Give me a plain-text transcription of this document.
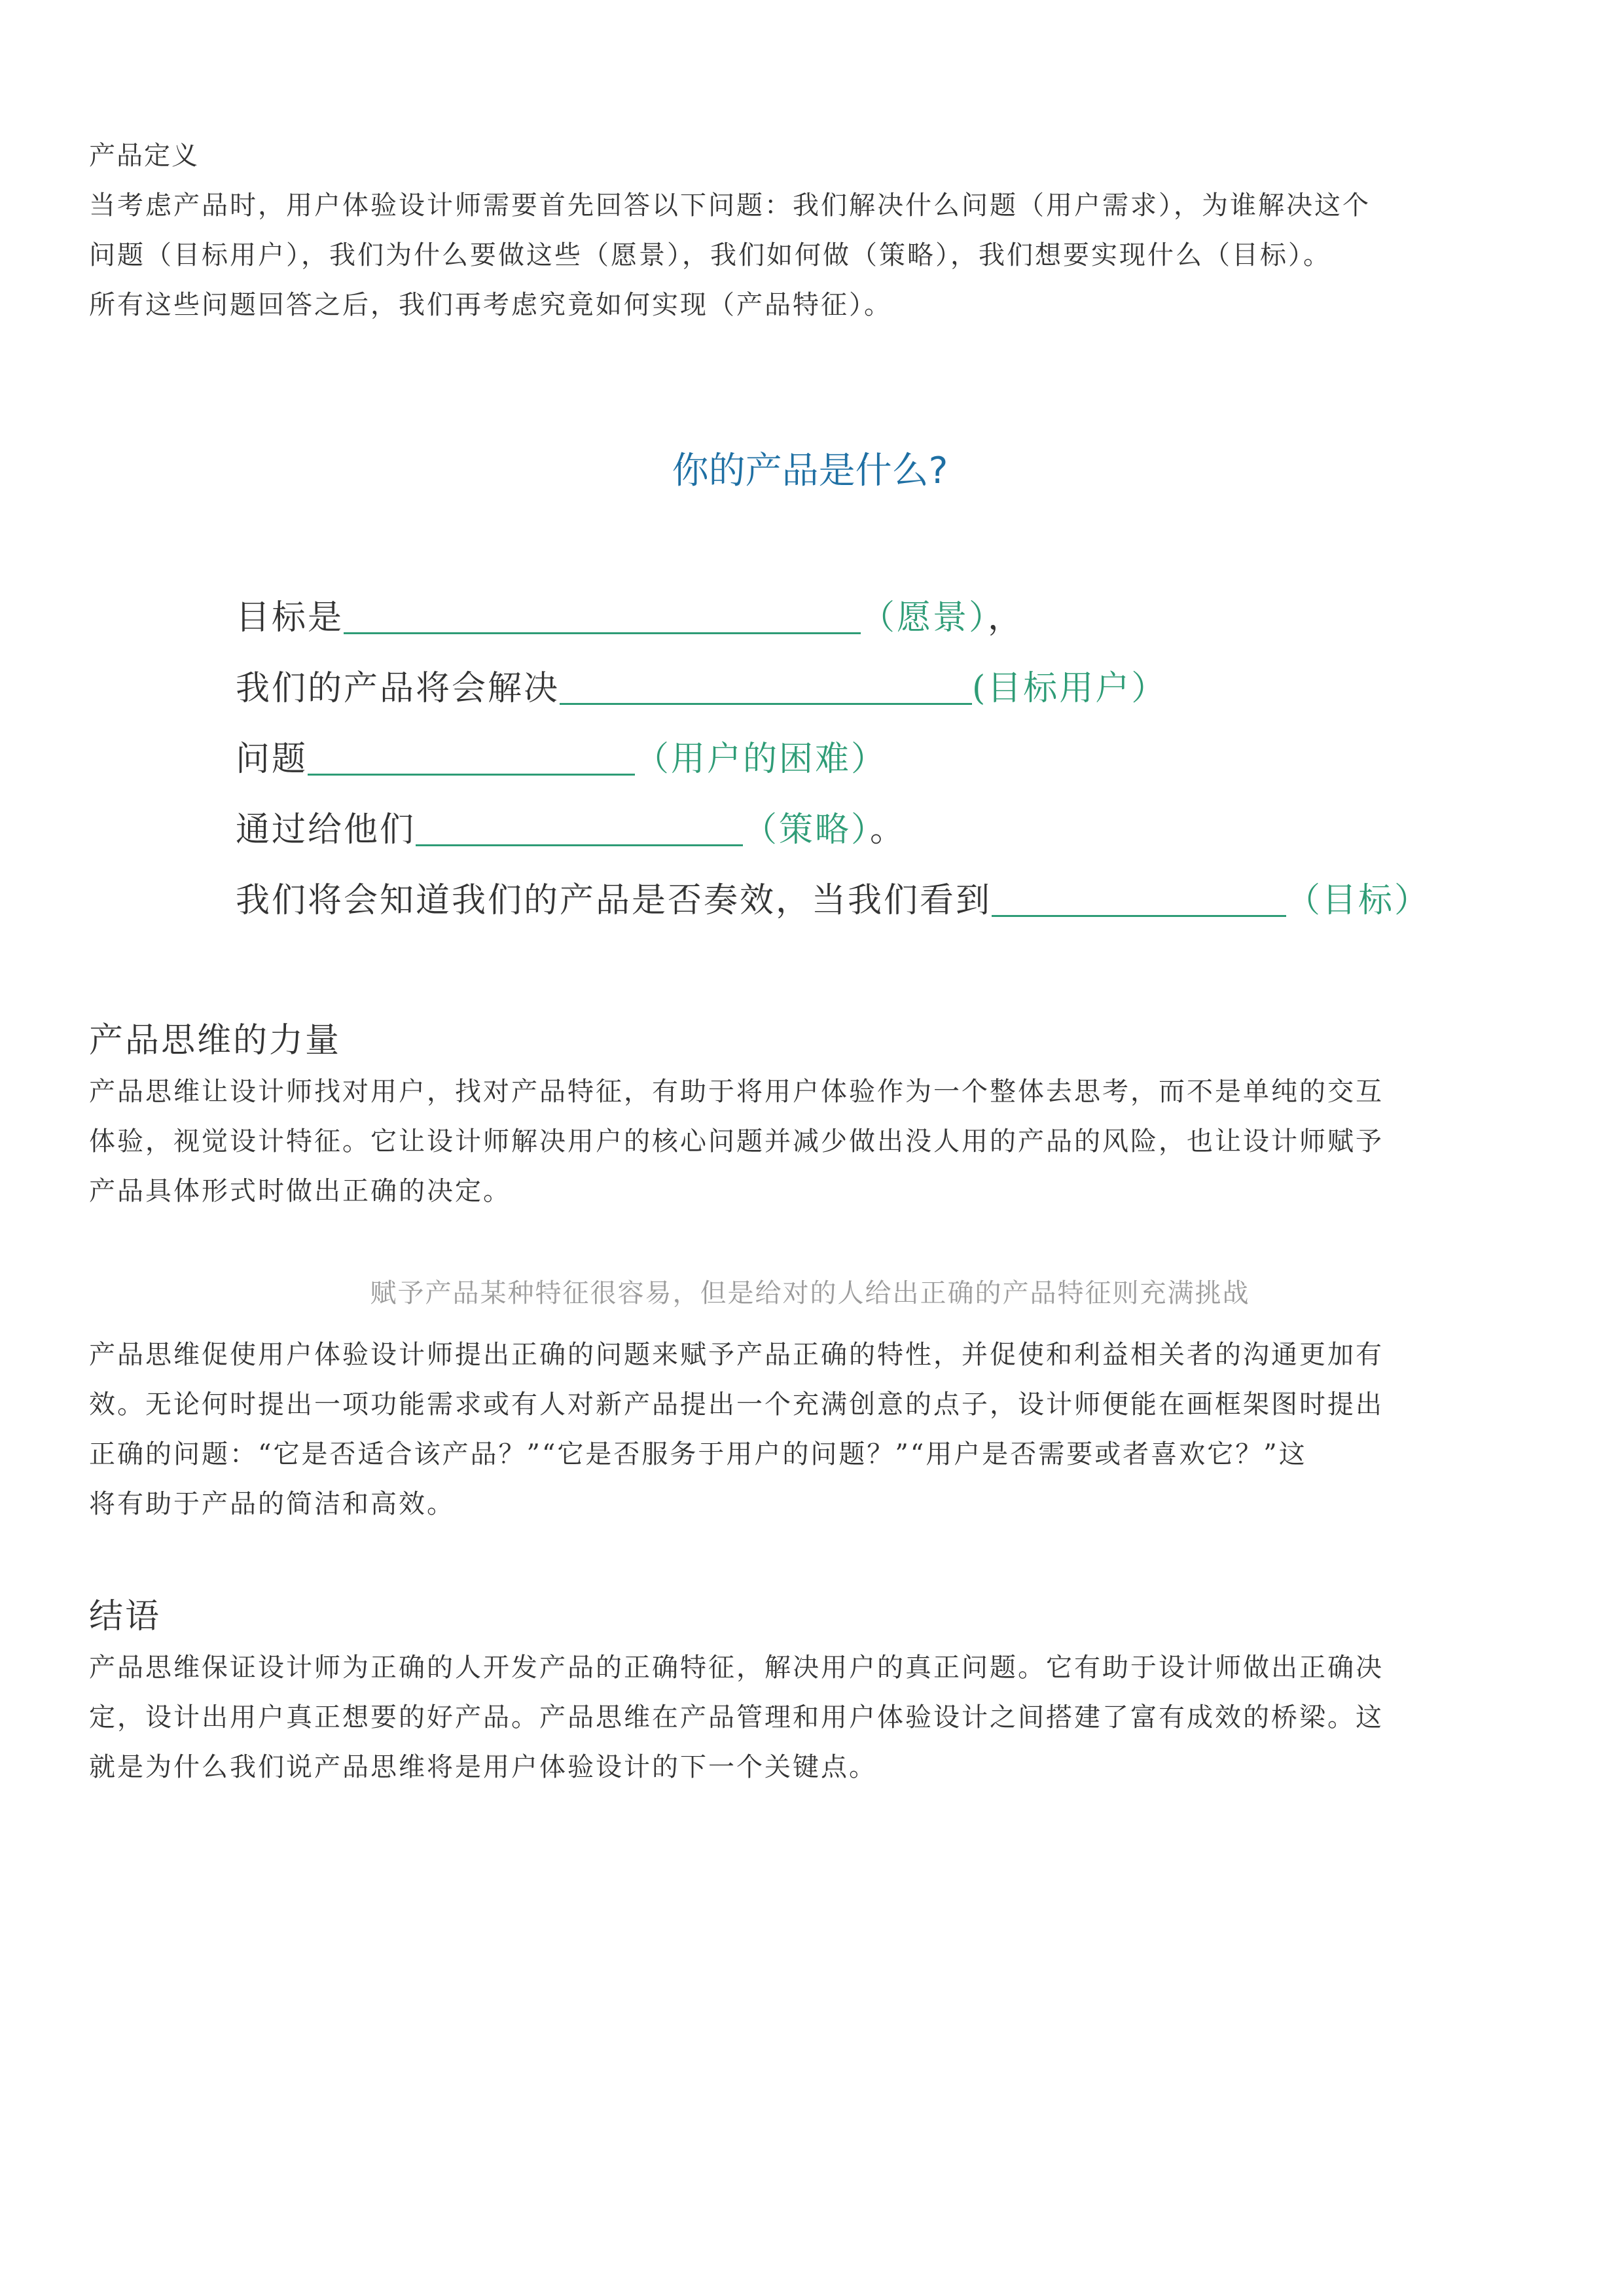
产品定义
当考虑产品时，用户体验设计师需要首先回答以下问题：我们解决什么问题（用户需求），为谁解决这个
问题（目标用户），我们为什么要做这些（愿景），我们如何做（策略），我们想要实现什么（目标）。
所有这些问题回答之后，我们再考虑究竟如何实现（产品特征）。
你的产品是什么?
目标是	（愿景），
我们的产品将会解决	(目标用户）
问题	（用户的困难）
通过给他们	（策略）。
我们将会知道我们的产品是否奏效，当我们看到	（目标）
产品思维的力量
产品思维让设计师找对用户，找对产品特征，有助于将用户体验作为一个整体去思考，而不是单纯的交互
体验，视觉设计特征。它让设计师解决用户的核心问题并减少做出没人用的产品的风险，也让设计师赋予
产品具体形式时做出正确的决定。
赋予产品某种特征很容易，但是给对的人给出正确的产品特征则充满挑战
产品思维促使用户体验设计师提出正确的问题来赋予产品正确的特性，并促使和利益相关者的沟通更加有
效。无论何时提出一项功能需求或有人对新产品提出一个充满创意的点子，设计师便能在画框架图时提出
正确的问题：“它是否适合该产品？”“它是否服务于用户的问题？”“用户是否需要或者喜欢它？”这
将有助于产品的简洁和高效。
结语
产品思维保证设计师为正确的人开发产品的正确特征，解决用户的真正问题。它有助于设计师做出正确决
定，设计出用户真正想要的好产品。产品思维在产品管理和用户体验设计之间搭建了富有成效的桥梁。这
就是为什么我们说产品思维将是用户体验设计的下一个关键点。
